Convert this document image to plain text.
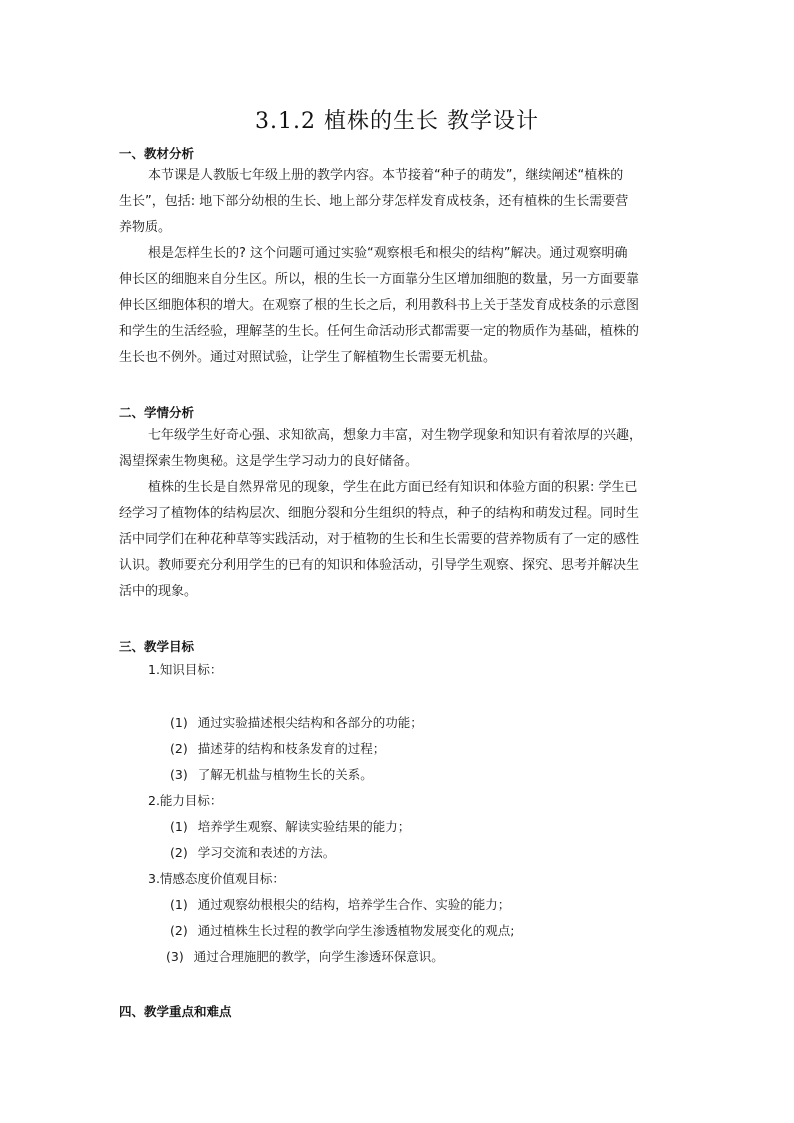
3.1.2 植株的生长 教学设计
一、教材分析
本节课是人教版七年级上册的教学内容。本节接着“种子的萌发”，继续阐述“植株的
生长”，包括: 地下部分幼根的生长、地上部分芽怎样发育成枝条，还有植株的生长需要营
养物质。
根是怎样生长的? 这个问题可通过实验“观察根毛和根尖的结构”解决。通过观察明确
伸长区的细胞来自分生区。所以，根的生长一方面靠分生区增加细胞的数量，另一方面要靠
伸长区细胞体积的增大。在观察了根的生长之后，利用教科书上关于茎发育成枝条的示意图
和学生的生活经验，理解茎的生长。任何生命活动形式都需要一定的物质作为基础，植株的
生长也不例外。通过对照试验，让学生了解植物生长需要无机盐。
二、学情分析
七年级学生好奇心强、求知欲高，想象力丰富，对生物学现象和知识有着浓厚的兴趣，
渴望探索生物奥秘。这是学生学习动力的良好储备。
植株的生长是自然界常见的现象，学生在此方面已经有知识和体验方面的积累: 学生已
经学习了植物体的结构层次、细胞分裂和分生组织的特点，种子的结构和萌发过程。同时生
活中同学们在种花种草等实践活动，对于植物的生长和生长需要的营养物质有了一定的感性
认识。教师要充分利用学生的已有的知识和体验活动，引导学生观察、探究、思考并解决生
活中的现象。
三、教学目标
1.知识目标：
(1) 通过实验描述根尖结构和各部分的功能；
(2) 描述芽的结构和枝条发育的过程；
(3) 了解无机盐与植物生长的关系。
2.能力目标：
(1) 培养学生观察、解读实验结果的能力；
(2) 学习交流和表述的方法。
3.情感态度价值观目标：
(1) 通过观察幼根根尖的结构，培养学生合作、实验的能力；
(2) 通过植株生长过程的教学向学生渗透植物发展变化的观点;
(3) 通过合理施肥的教学，向学生渗透环保意识。
四、教学重点和难点
